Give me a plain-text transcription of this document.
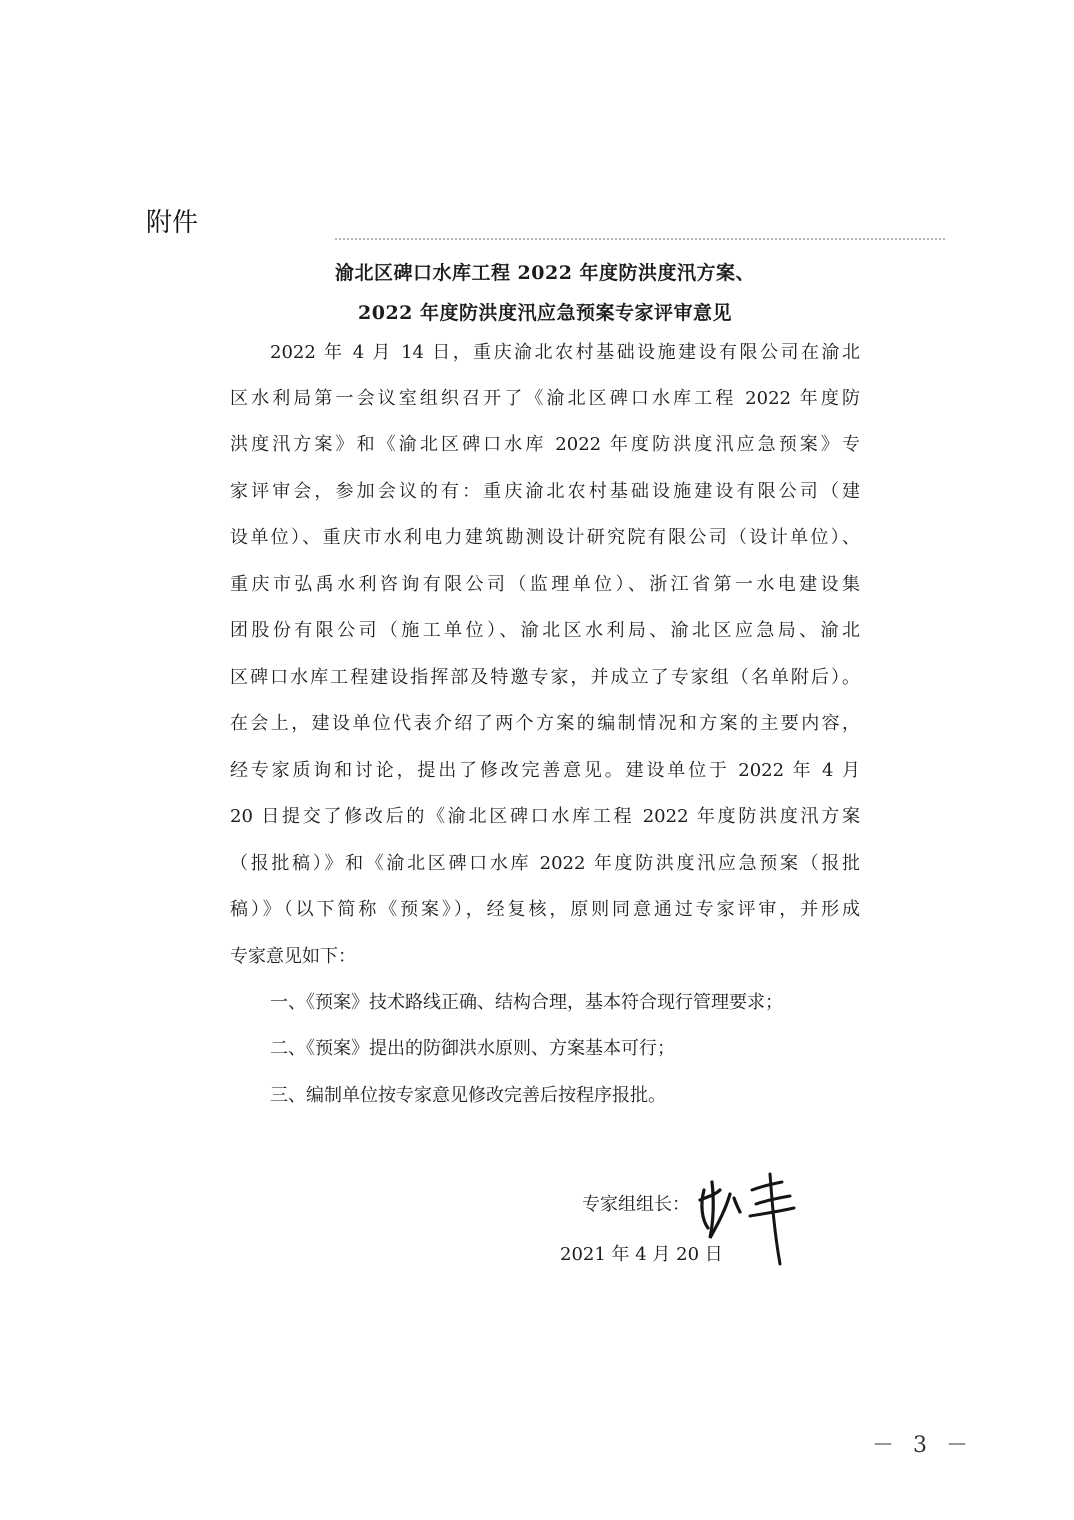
附件
渝北区碑口水库工程 2022 年度防洪度汛方案、
2022 年度防洪度汛应急预案专家评审意见
2022 年 4 月 14 日，重庆渝北农村基础设施建设有限公司在渝北
区水利局第一会议室组织召开了《渝北区碑口水库工程 2022 年度防
洪度汛方案》和《渝北区碑口水库 2022 年度防洪度汛应急预案》专
家评审会，参加会议的有：重庆渝北农村基础设施建设有限公司（建
设单位）、重庆市水利电力建筑勘测设计研究院有限公司（设计单位）、
重庆市弘禹水利咨询有限公司（监理单位）、浙江省第一水电建设集
团股份有限公司（施工单位）、渝北区水利局、渝北区应急局、渝北
区碑口水库工程建设指挥部及特邀专家，并成立了专家组（名单附后）。
在会上，建设单位代表介绍了两个方案的编制情况和方案的主要内容，
经专家质询和讨论，提出了修改完善意见。建设单位于 2022 年 4 月
20 日提交了修改后的《渝北区碑口水库工程 2022 年度防洪度汛方案
（报批稿）》和《渝北区碑口水库 2022 年度防洪度汛应急预案（报批
稿）》（以下简称《预案》），经复核，原则同意通过专家评审，并形成
专家意见如下：
一、《预案》技术路线正确、结构合理，基本符合现行管理要求；
二、《预案》提出的防御洪水原则、方案基本可行；
三、编制单位按专家意见修改完善后按程序报批。
专家组组长：
2021 年 4 月 20 日
－ 3 －
